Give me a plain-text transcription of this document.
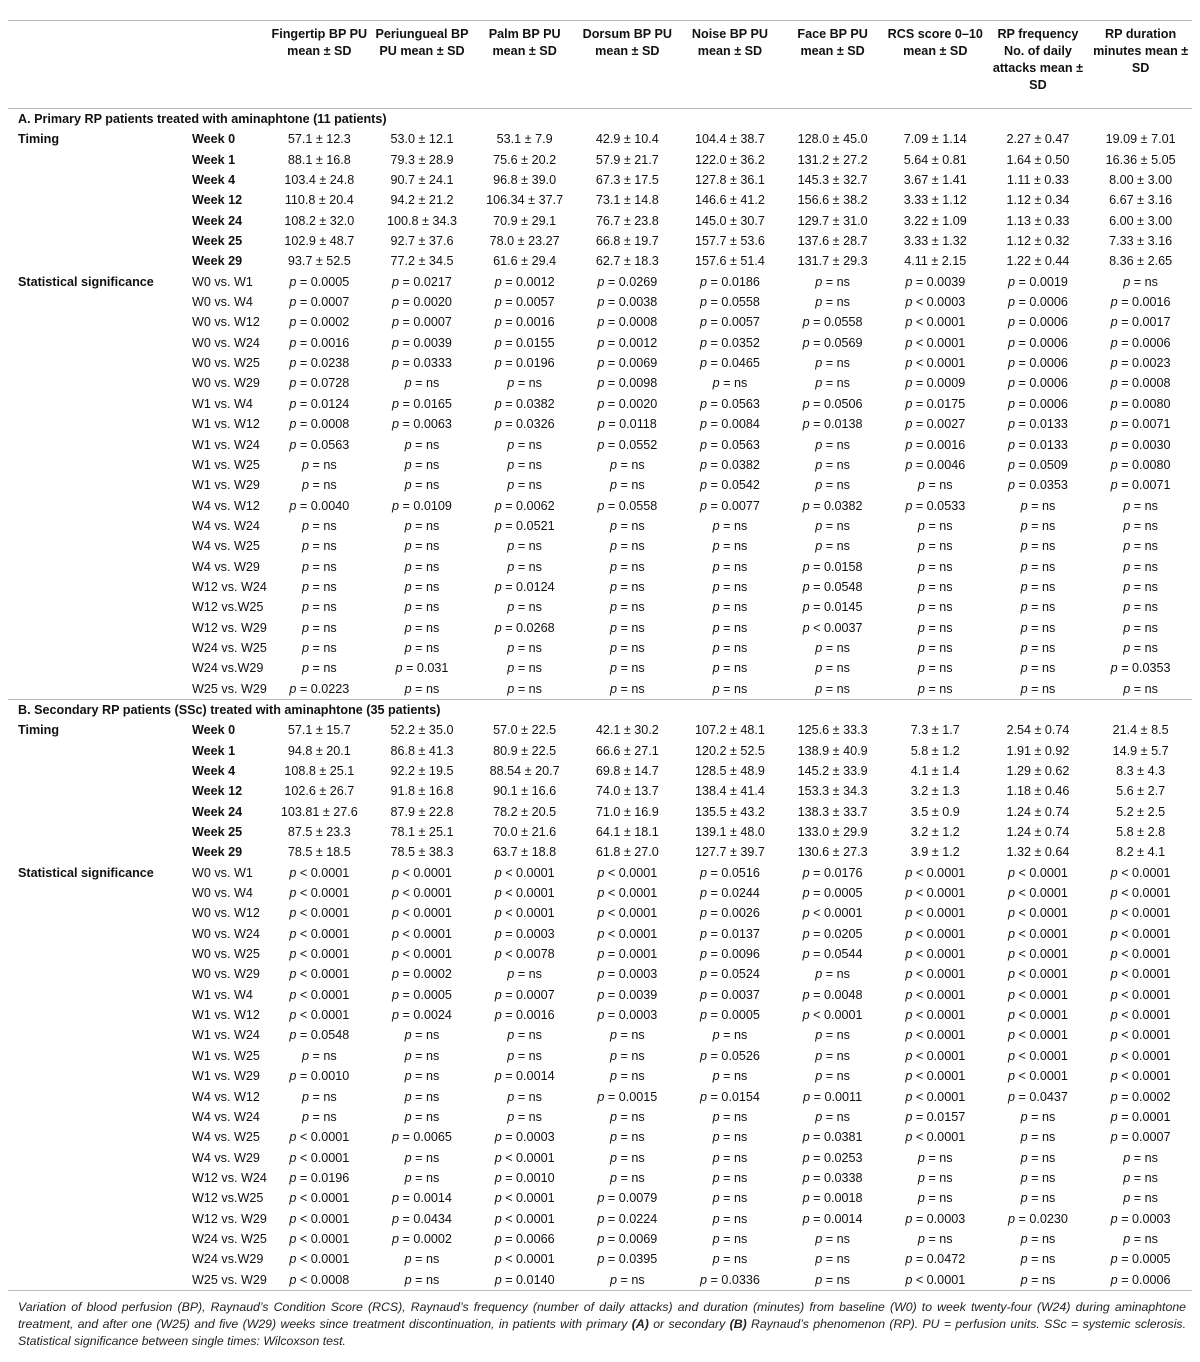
		Fingertip BP PU mean ± SD	Periungueal BP PU mean ± SD	Palm BP PU mean ± SD	Dorsum BP PU mean ± SD	Noise BP PU mean ± SD	Face BP PU mean ± SD	RCS score 0–10 mean ± SD	RP frequency No. of daily attacks mean ± SD	RP duration minutes mean ± SD
A. Primary RP patients treated with aminaphtone (11 patients)										
Timing	Week 0	57.1 ± 12.3	53.0 ± 12.1	53.1 ± 7.9	42.9 ± 10.4	104.4 ± 38.7	128.0 ± 45.0	7.09 ± 1.14	2.27 ± 0.47	19.09 ± 7.01
	Week 1	88.1 ± 16.8	79.3 ± 28.9	75.6 ± 20.2	57.9 ± 21.7	122.0 ± 36.2	131.2 ± 27.2	5.64 ± 0.81	1.64 ± 0.50	16.36 ± 5.05
	Week 4	103.4 ± 24.8	90.7 ± 24.1	96.8 ± 39.0	67.3 ± 17.5	127.8 ± 36.1	145.3 ± 32.7	3.67 ± 1.41	1.11 ± 0.33	8.00 ± 3.00
	Week 12	110.8 ± 20.4	94.2 ± 21.2	106.34 ± 37.7	73.1 ± 14.8	146.6 ± 41.2	156.6 ± 38.2	3.33 ± 1.12	1.12 ± 0.34	6.67 ± 3.16
	Week 24	108.2 ± 32.0	100.8 ± 34.3	70.9 ± 29.1	76.7 ± 23.8	145.0 ± 30.7	129.7 ± 31.0	3.22 ± 1.09	1.13 ± 0.33	6.00 ± 3.00
	Week 25	102.9 ± 48.7	92.7 ± 37.6	78.0 ± 23.27	66.8 ± 19.7	157.7 ± 53.6	137.6 ± 28.7	3.33 ± 1.32	1.12 ± 0.32	7.33 ± 3.16
	Week 29	93.7 ± 52.5	77.2 ± 34.5	61.6 ± 29.4	62.7 ± 18.3	157.6 ± 51.4	131.7 ± 29.3	4.11 ± 2.15	1.22 ± 0.44	8.36 ± 2.65
Statistical significance	W0 vs. W1	p = 0.0005	p = 0.0217	p = 0.0012	p = 0.0269	p = 0.0186	p = ns	p = 0.0039	p = 0.0019	p = ns
	W0 vs. W4	p = 0.0007	p = 0.0020	p = 0.0057	p = 0.0038	p = 0.0558	p = ns	p < 0.0003	p = 0.0006	p = 0.0016
	W0 vs. W12	p = 0.0002	p = 0.0007	p = 0.0016	p = 0.0008	p = 0.0057	p = 0.0558	p < 0.0001	p = 0.0006	p = 0.0017
	W0 vs. W24	p = 0.0016	p = 0.0039	p = 0.0155	p = 0.0012	p = 0.0352	p = 0.0569	p < 0.0001	p = 0.0006	p = 0.0006
	W0 vs. W25	p = 0.0238	p = 0.0333	p = 0.0196	p = 0.0069	p = 0.0465	p = ns	p < 0.0001	p = 0.0006	p = 0.0023
	W0 vs. W29	p = 0.0728	p = ns	p = ns	p = 0.0098	p = ns	p = ns	p = 0.0009	p = 0.0006	p = 0.0008
	W1 vs. W4	p = 0.0124	p = 0.0165	p = 0.0382	p = 0.0020	p = 0.0563	p = 0.0506	p = 0.0175	p = 0.0006	p = 0.0080
	W1 vs. W12	p = 0.0008	p = 0.0063	p = 0.0326	p = 0.0118	p = 0.0084	p = 0.0138	p = 0.0027	p = 0.0133	p = 0.0071
	W1 vs. W24	p = 0.0563	p = ns	p = ns	p = 0.0552	p = 0.0563	p = ns	p = 0.0016	p = 0.0133	p = 0.0030
	W1 vs. W25	p = ns	p = ns	p = ns	p = ns	p = 0.0382	p = ns	p = 0.0046	p = 0.0509	p = 0.0080
	W1 vs. W29	p = ns	p = ns	p = ns	p = ns	p = 0.0542	p = ns	p = ns	p = 0.0353	p = 0.0071
	W4 vs. W12	p = 0.0040	p = 0.0109	p = 0.0062	p = 0.0558	p = 0.0077	p = 0.0382	p = 0.0533	p = ns	p = ns
	W4 vs. W24	p = ns	p = ns	p = 0.0521	p = ns	p = ns	p = ns	p = ns	p = ns	p = ns
	W4 vs. W25	p = ns	p = ns	p = ns	p = ns	p = ns	p = ns	p = ns	p = ns	p = ns
	W4 vs. W29	p = ns	p = ns	p = ns	p = ns	p = ns	p = 0.0158	p = ns	p = ns	p = ns
	W12 vs. W24	p = ns	p = ns	p = 0.0124	p = ns	p = ns	p = 0.0548	p = ns	p = ns	p = ns
	W12 vs.W25	p = ns	p = ns	p = ns	p = ns	p = ns	p = 0.0145	p = ns	p = ns	p = ns
	W12 vs. W29	p = ns	p = ns	p = 0.0268	p = ns	p = ns	p < 0.0037	p = ns	p = ns	p = ns
	W24 vs. W25	p = ns	p = ns	p = ns	p = ns	p = ns	p = ns	p = ns	p = ns	p = ns
	W24 vs.W29	p = ns	p = 0.031	p = ns	p = ns	p = ns	p = ns	p = ns	p = ns	p = 0.0353
	W25 vs. W29	p = 0.0223	p = ns	p = ns	p = ns	p = ns	p = ns	p = ns	p = ns	p = ns
B. Secondary RP patients (SSc) treated with aminaphtone (35 patients)										
Timing	Week 0	57.1 ± 15.7	52.2 ± 35.0	57.0 ± 22.5	42.1 ± 30.2	107.2 ± 48.1	125.6 ± 33.3	7.3 ± 1.7	2.54 ± 0.74	21.4 ± 8.5
	Week 1	94.8 ± 20.1	86.8 ± 41.3	80.9 ± 22.5	66.6 ± 27.1	120.2 ± 52.5	138.9 ± 40.9	5.8 ± 1.2	1.91 ± 0.92	14.9 ± 5.7
	Week 4	108.8 ± 25.1	92.2 ± 19.5	88.54 ± 20.7	69.8 ± 14.7	128.5 ± 48.9	145.2 ± 33.9	4.1 ± 1.4	1.29 ± 0.62	8.3 ± 4.3
	Week 12	102.6 ± 26.7	91.8 ± 16.8	90.1 ± 16.6	74.0 ± 13.7	138.4 ± 41.4	153.3 ± 34.3	3.2 ± 1.3	1.18 ± 0.46	5.6 ± 2.7
	Week 24	103.81 ± 27.6	87.9 ± 22.8	78.2 ± 20.5	71.0 ± 16.9	135.5 ± 43.2	138.3 ± 33.7	3.5 ± 0.9	1.24 ± 0.74	5.2 ± 2.5
	Week 25	87.5 ± 23.3	78.1 ± 25.1	70.0 ± 21.6	64.1 ± 18.1	139.1 ± 48.0	133.0 ± 29.9	3.2 ± 1.2	1.24 ± 0.74	5.8 ± 2.8
	Week 29	78.5 ± 18.5	78.5 ± 38.3	63.7 ± 18.8	61.8 ± 27.0	127.7 ± 39.7	130.6 ± 27.3	3.9 ± 1.2	1.32 ± 0.64	8.2 ± 4.1
Statistical significance	W0 vs. W1	p < 0.0001	p < 0.0001	p < 0.0001	p < 0.0001	p = 0.0516	p = 0.0176	p < 0.0001	p < 0.0001	p < 0.0001
	W0 vs. W4	p < 0.0001	p < 0.0001	p < 0.0001	p < 0.0001	p = 0.0244	p = 0.0005	p < 0.0001	p < 0.0001	p < 0.0001
	W0 vs. W12	p < 0.0001	p < 0.0001	p < 0.0001	p < 0.0001	p = 0.0026	p < 0.0001	p < 0.0001	p < 0.0001	p < 0.0001
	W0 vs. W24	p < 0.0001	p < 0.0001	p = 0.0003	p < 0.0001	p = 0.0137	p = 0.0205	p < 0.0001	p < 0.0001	p < 0.0001
	W0 vs. W25	p < 0.0001	p < 0.0001	p < 0.0078	p = 0.0001	p = 0.0096	p = 0.0544	p < 0.0001	p < 0.0001	p < 0.0001
	W0 vs. W29	p < 0.0001	p = 0.0002	p = ns	p = 0.0003	p = 0.0524	p = ns	p < 0.0001	p < 0.0001	p < 0.0001
	W1 vs. W4	p < 0.0001	p = 0.0005	p = 0.0007	p = 0.0039	p = 0.0037	p = 0.0048	p < 0.0001	p < 0.0001	p < 0.0001
	W1 vs. W12	p < 0.0001	p = 0.0024	p = 0.0016	p = 0.0003	p = 0.0005	p < 0.0001	p < 0.0001	p < 0.0001	p < 0.0001
	W1 vs. W24	p = 0.0548	p = ns	p = ns	p = ns	p = ns	p = ns	p < 0.0001	p < 0.0001	p < 0.0001
	W1 vs. W25	p = ns	p = ns	p = ns	p = ns	p = 0.0526	p = ns	p < 0.0001	p < 0.0001	p < 0.0001
	W1 vs. W29	p = 0.0010	p = ns	p = 0.0014	p = ns	p = ns	p = ns	p < 0.0001	p < 0.0001	p < 0.0001
	W4 vs. W12	p = ns	p = ns	p = ns	p = 0.0015	p = 0.0154	p = 0.0011	p < 0.0001	p = 0.0437	p = 0.0002
	W4 vs. W24	p = ns	p = ns	p = ns	p = ns	p = ns	p = ns	p = 0.0157	p = ns	p = 0.0001
	W4 vs. W25	p < 0.0001	p = 0.0065	p = 0.0003	p = ns	p = ns	p = 0.0381	p < 0.0001	p = ns	p = 0.0007
	W4 vs. W29	p < 0.0001	p = ns	p < 0.0001	p = ns	p = ns	p = 0.0253	p = ns	p = ns	p = ns
	W12 vs. W24	p = 0.0196	p = ns	p = 0.0010	p = ns	p = ns	p = 0.0338	p = ns	p = ns	p = ns
	W12 vs.W25	p < 0.0001	p = 0.0014	p < 0.0001	p = 0.0079	p = ns	p = 0.0018	p = ns	p = ns	p = ns
	W12 vs. W29	p < 0.0001	p = 0.0434	p < 0.0001	p = 0.0224	p = ns	p = 0.0014	p = 0.0003	p = 0.0230	p = 0.0003
	W24 vs. W25	p < 0.0001	p = 0.0002	p = 0.0066	p = 0.0069	p = ns	p = ns	p = ns	p = ns	p = ns
	W24 vs.W29	p < 0.0001	p = ns	p < 0.0001	p = 0.0395	p = ns	p = ns	p = 0.0472	p = ns	p = 0.0005
	W25 vs. W29	p < 0.0008	p = ns	p = 0.0140	p = ns	p = 0.0336	p = ns	p < 0.0001	p = ns	p = 0.0006
Variation of blood perfusion (BP), Raynaud’s Condition Score (RCS), Raynaud’s frequency (number of daily attacks) and duration (minutes) from baseline (W0) to week twenty-four (W24) during aminaphtone treatment, and after one (W25) and five (W29) weeks since treatment discontinuation, in patients with primary (A) or secondary (B) Raynaud’s phenomenon (RP). PU = perfusion units. SSc = systemic sclerosis. Statistical significance between single times: Wilcoxson test.
